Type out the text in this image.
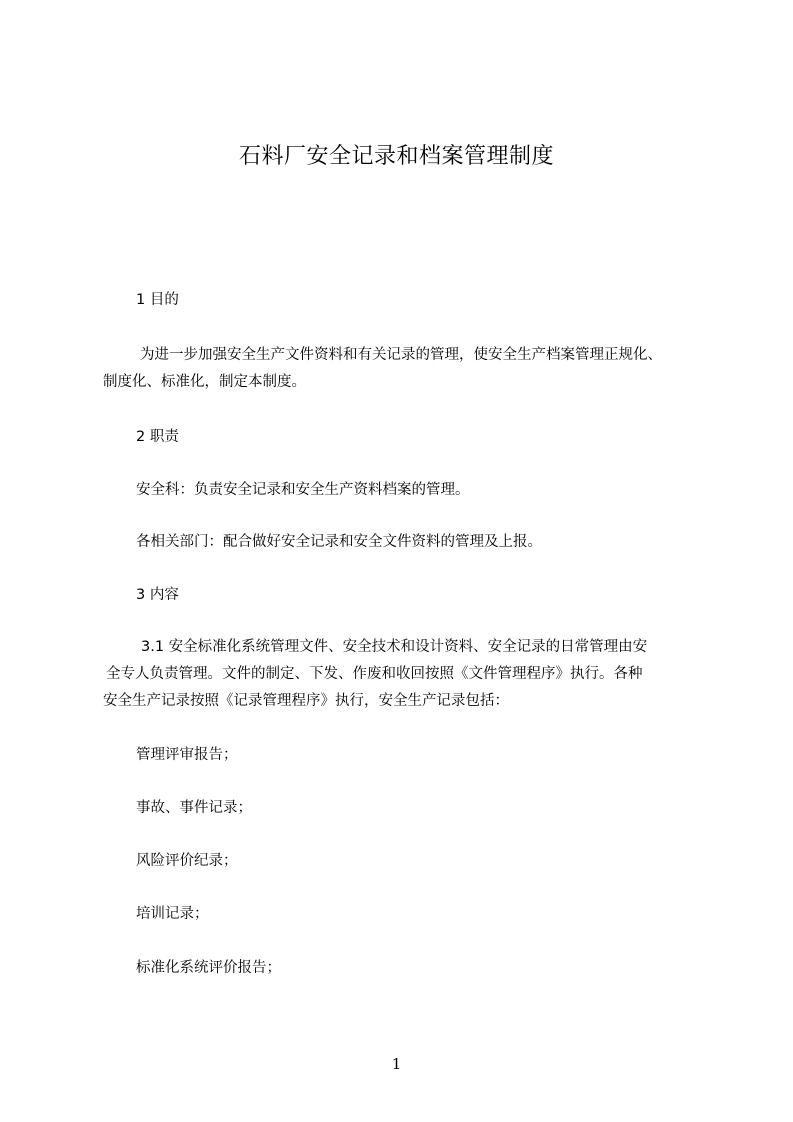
石料厂安全记录和档案管理制度
1 目的
为进一步加强安全生产文件资料和有关记录的管理，使安全生产档案管理正规化、
制度化、标准化，制定本制度。
2 职责
安全科：负责安全记录和安全生产资料档案的管理。
各相关部门：配合做好安全记录和安全文件资料的管理及上报。
3 内容
3.1 安全标准化系统管理文件、安全技术和设计资料、安全记录的日常管理由安
全专人负责管理。文件的制定、下发、作废和收回按照《文件管理程序》执行。各种
安全生产记录按照《记录管理程序》执行，安全生产记录包括：
管理评审报告；
事故、事件记录；
风险评价纪录；
培训记录；
标准化系统评价报告；
1
